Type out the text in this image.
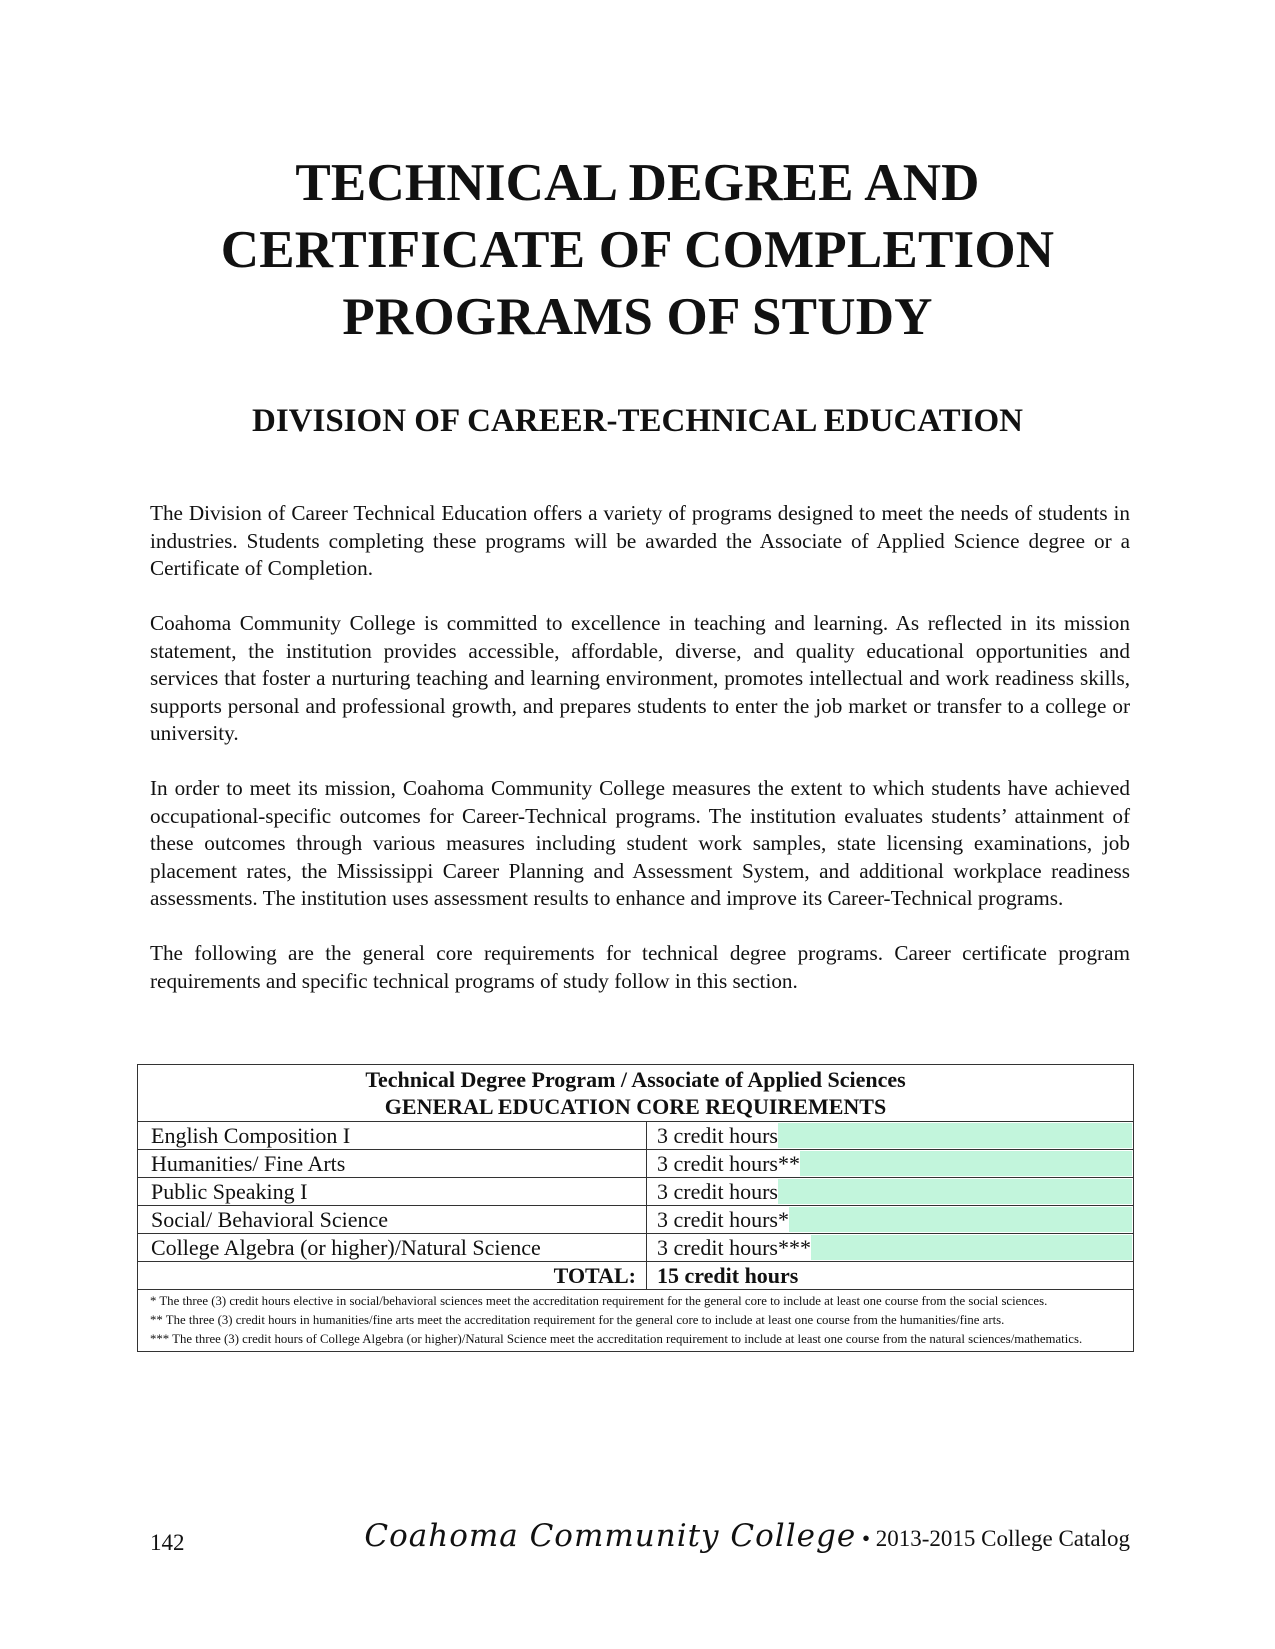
TECHNICAL DEGREE AND
CERTIFICATE OF COMPLETION
PROGRAMS OF STUDY
DIVISION OF CAREER-TECHNICAL EDUCATION

The Division of Career Technical Education offers a variety of programs designed to meet the needs of students in industries. Students completing these programs will be awarded the Associate of Applied Science degree or a Certificate of Completion.

Coahoma Community College is committed to excellence in teaching and learning. As reflected in its mission statement, the institution provides accessible, affordable, diverse, and quality educational opportunities and services that foster a nurturing teaching and learning environment, promotes intellectual and work readiness skills, supports personal and professional growth, and prepares students to enter the job market or transfer to a college or university.

In order to meet its mission, Coahoma Community College measures the extent to which students have achieved occupational-specific outcomes for Career-Technical programs. The institution evaluates students’ attainment of these outcomes through various measures including student work samples, state licensing examinations, job placement rates, the Mississippi Career Planning and Assessment System, and additional workplace readiness assessments. The institution uses assessment results to enhance and improve its Career-Technical programs.

The following are the general core requirements for technical degree programs. Career certificate program requirements and specific technical programs of study follow in this section.

Technical Degree Program / Associate of Applied Sciences
GENERAL EDUCATION CORE REQUIREMENTS	

English Composition I	3 credit hours

Humanities/ Fine Arts	3 credit hours**

Public Speaking I	3 credit hours

Social/ Behavioral Science	3 credit hours*

College Algebra (or higher)/Natural Science	3 credit hours***

TOTAL:	15 credit hours

* The three (3) credit hours elective in social/behavioral sciences meet the accreditation requirement for the general core to include at least one course from the social sciences.
** The three (3) credit hours in humanities/fine arts meet the accreditation requirement for the general core to include at least one course from the humanities/fine arts.
*** The three (3) credit hours of College Algebra (or higher)/Natural Science meet the accreditation requirement to include at least one course from the natural sciences/mathematics.	
142	Coahoma Community College • 2013-2015 College Catalog
